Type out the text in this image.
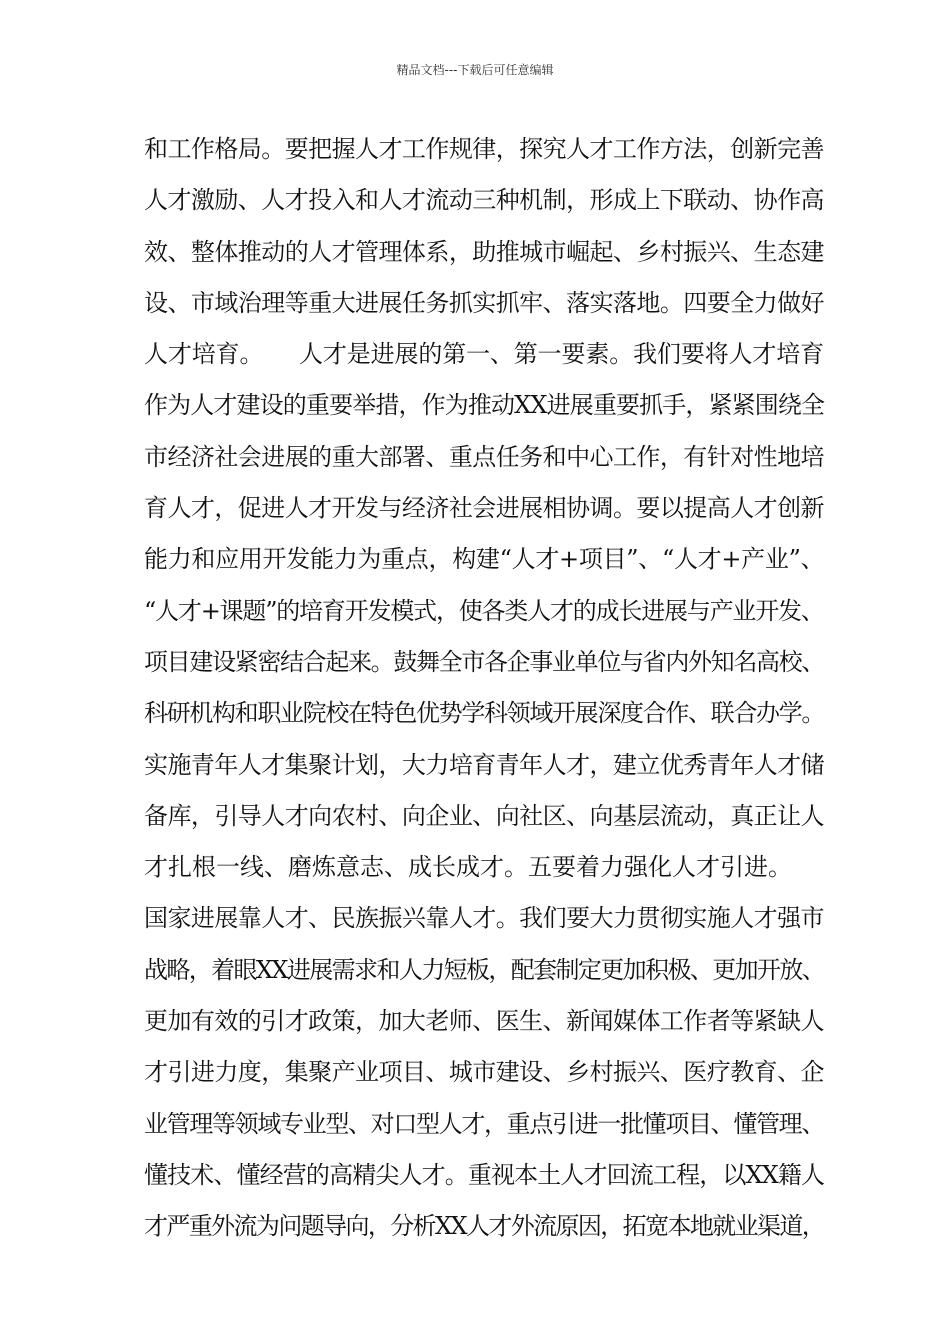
精品文档---下载后可任意编辑
和工作格局。要把握人才工作规律，探究人才工作方法，创新完善
人才激励、人才投入和人才流动三种机制，形成上下联动、协作高
效、整体推动的人才管理体系，助推城市崛起、乡村振兴、生态建
设、市域治理等重大进展任务抓实抓牢、落实落地。四要全力做好
人才培育。　　人才是进展的第一、第一要素。我们要将人才培育
作为人才建设的重要举措，作为推动XX进展重要抓手，紧紧围绕全
市经济社会进展的重大部署、重点任务和中心工作，有针对性地培
育人才，促进人才开发与经济社会进展相协调。要以提高人才创新
能力和应用开发能力为重点，构建“人才+项目”、“人才+产业”、
“人才+课题”的培育开发模式，使各类人才的成长进展与产业开发、
项目建设紧密结合起来。鼓舞全市各企事业单位与省内外知名高校、
科研机构和职业院校在特色优势学科领域开展深度合作、联合办学。
实施青年人才集聚计划，大力培育青年人才，建立优秀青年人才储
备库，引导人才向农村、向企业、向社区、向基层流动，真正让人
才扎根一线、磨炼意志、成长成才。五要着力强化人才引进。
国家进展靠人才、民族振兴靠人才。我们要大力贯彻实施人才强市
战略，着眼XX进展需求和人力短板，配套制定更加积极、更加开放、
更加有效的引才政策，加大老师、医生、新闻媒体工作者等紧缺人
才引进力度，集聚产业项目、城市建设、乡村振兴、医疗教育、企
业管理等领域专业型、对口型人才，重点引进一批懂项目、懂管理、
懂技术、懂经营的高精尖人才。重视本土人才回流工程，以XX籍人
才严重外流为问题导向，分析XX人才外流原因，拓宽本地就业渠道，
